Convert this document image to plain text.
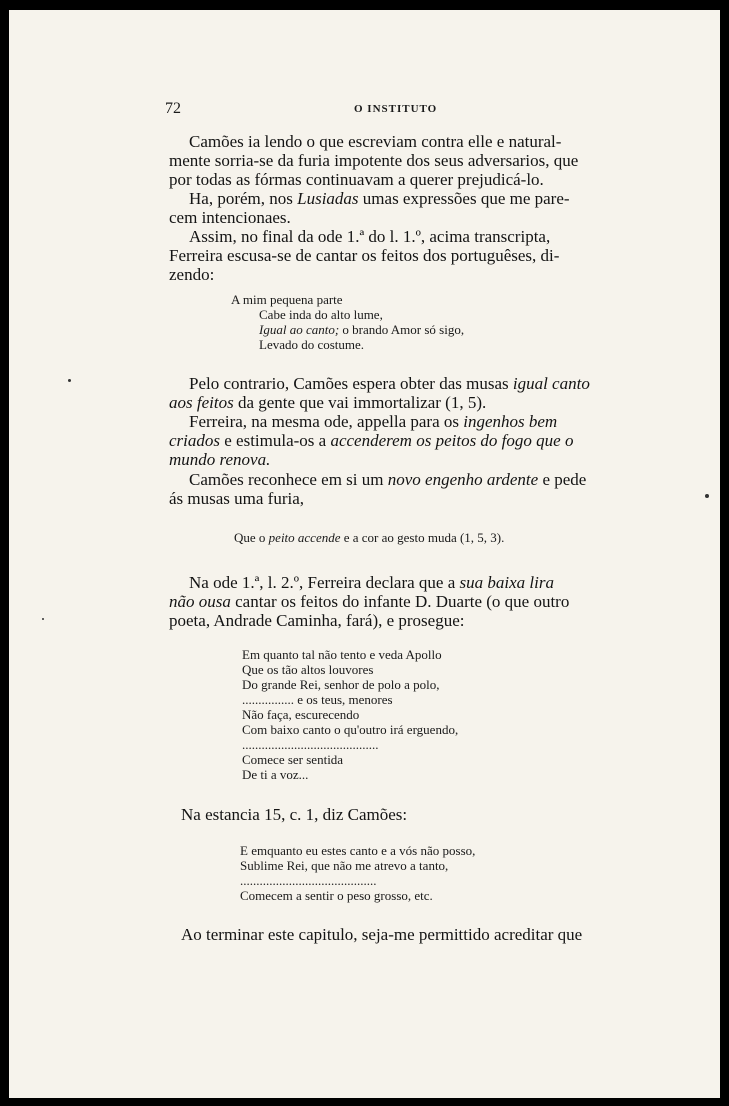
72	O INSTITUTO

Camões ia lendo o que escreviam contra elle e natural-

mente sorria-se da furia impotente dos seus adversarios, que

por todas as fórmas continuavam a querer prejudicá-lo.

Ha, porém, nos Lusiadas umas expressões que me pare-

cem intencionaes.

Assim, no final da ode 1.ª do l. 1.º, acima transcripta,

Ferreira escusa-se de cantar os feitos dos portuguêses, di-

zendo:

A mim pequena parte
Cabe inda do alto lume,
Igual ao canto; o brando Amor só sigo,
Levado do costume.

Pelo contrario, Camões espera obter das musas igual canto

aos feitos da gente que vai immortalizar (1, 5).

Ferreira, na mesma ode, appella para os ingenhos bem

criados e estimula-os a accenderem os peitos do fogo que o

mundo renova.

Camões reconhece em si um novo engenho ardente e pede

ás musas uma furia,

Que o peito accende e a cor ao gesto muda (1, 5, 3).

Na ode 1.ª, l. 2.º, Ferreira declara que a sua baixa lira

não ousa cantar os feitos do infante D. Duarte (o que outro

poeta, Andrade Caminha, fará), e prosegue:

Em quanto tal não tento e veda Apollo
Que os tão altos louvores
Do grande Rei, senhor de polo a polo,
................ e os teus, menores
Não faça, escurecendo
Com baixo canto o qu'outro irá erguendo,
..........................................
Comece ser sentida
De ti a voz...
Na estancia 15, c. 1, diz Camões:
E emquanto eu estes canto e a vós não posso,
Sublime Rei, que não me atrevo a tanto,
..........................................
Comecem a sentir o peso grosso, etc.
Ao terminar este capitulo, seja-me permittido acreditar que
